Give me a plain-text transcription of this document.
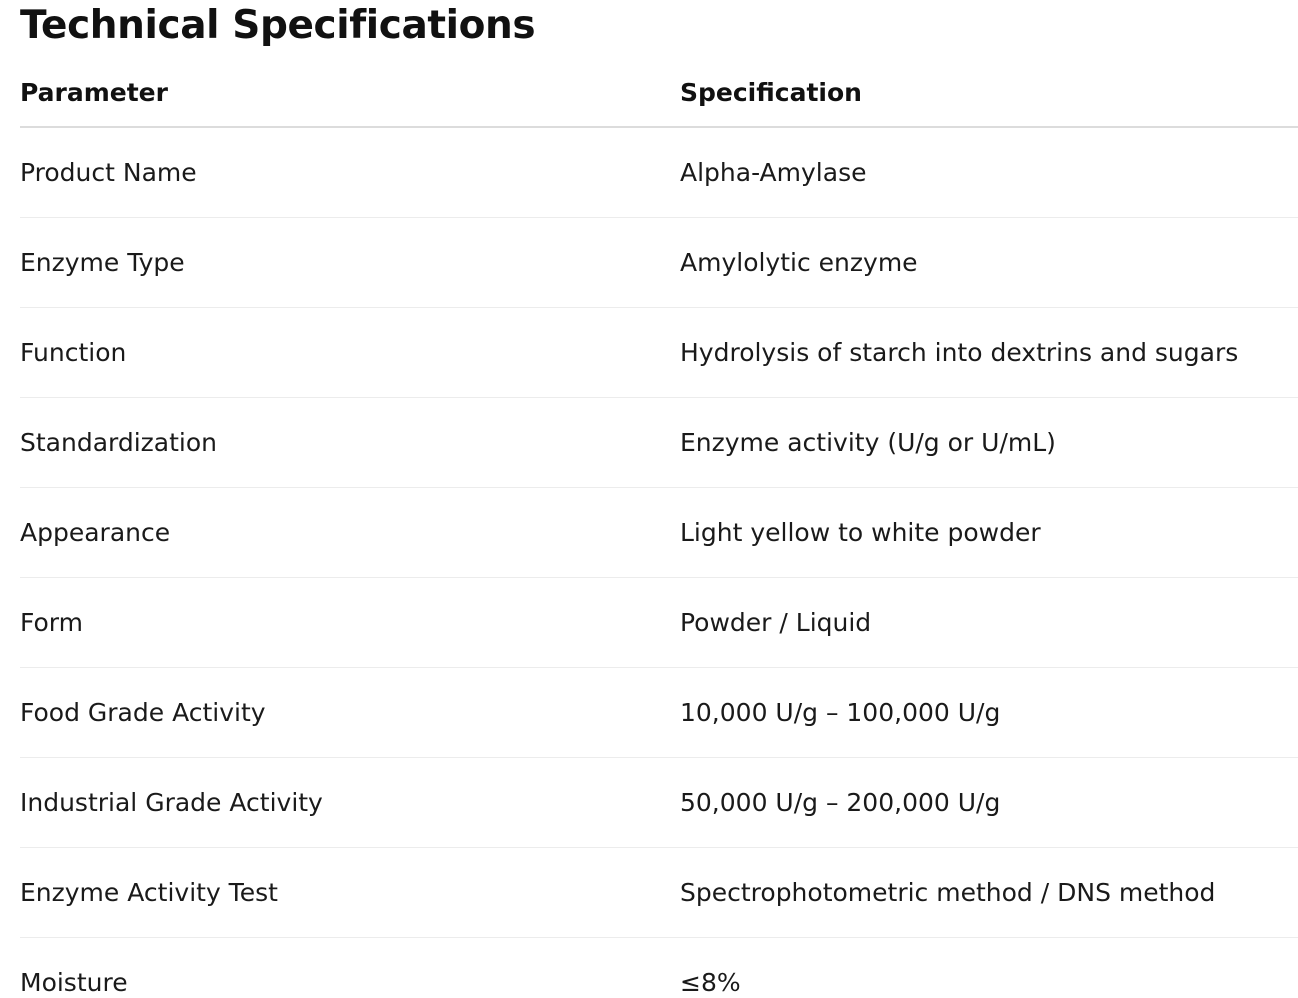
Technical Specifications
Parameter	Specification
Product Name	Alpha-Amylase
Enzyme Type	Amylolytic enzyme
Function	Hydrolysis of starch into dextrins and sugars
Standardization	Enzyme activity (U/g or U/mL)
Appearance	Light yellow to white powder
Form	Powder / Liquid
Food Grade Activity	10,000 U/g – 100,000 U/g
Industrial Grade Activity	50,000 U/g – 200,000 U/g
Enzyme Activity Test	Spectrophotometric method / DNS method
Moisture	≤8%
